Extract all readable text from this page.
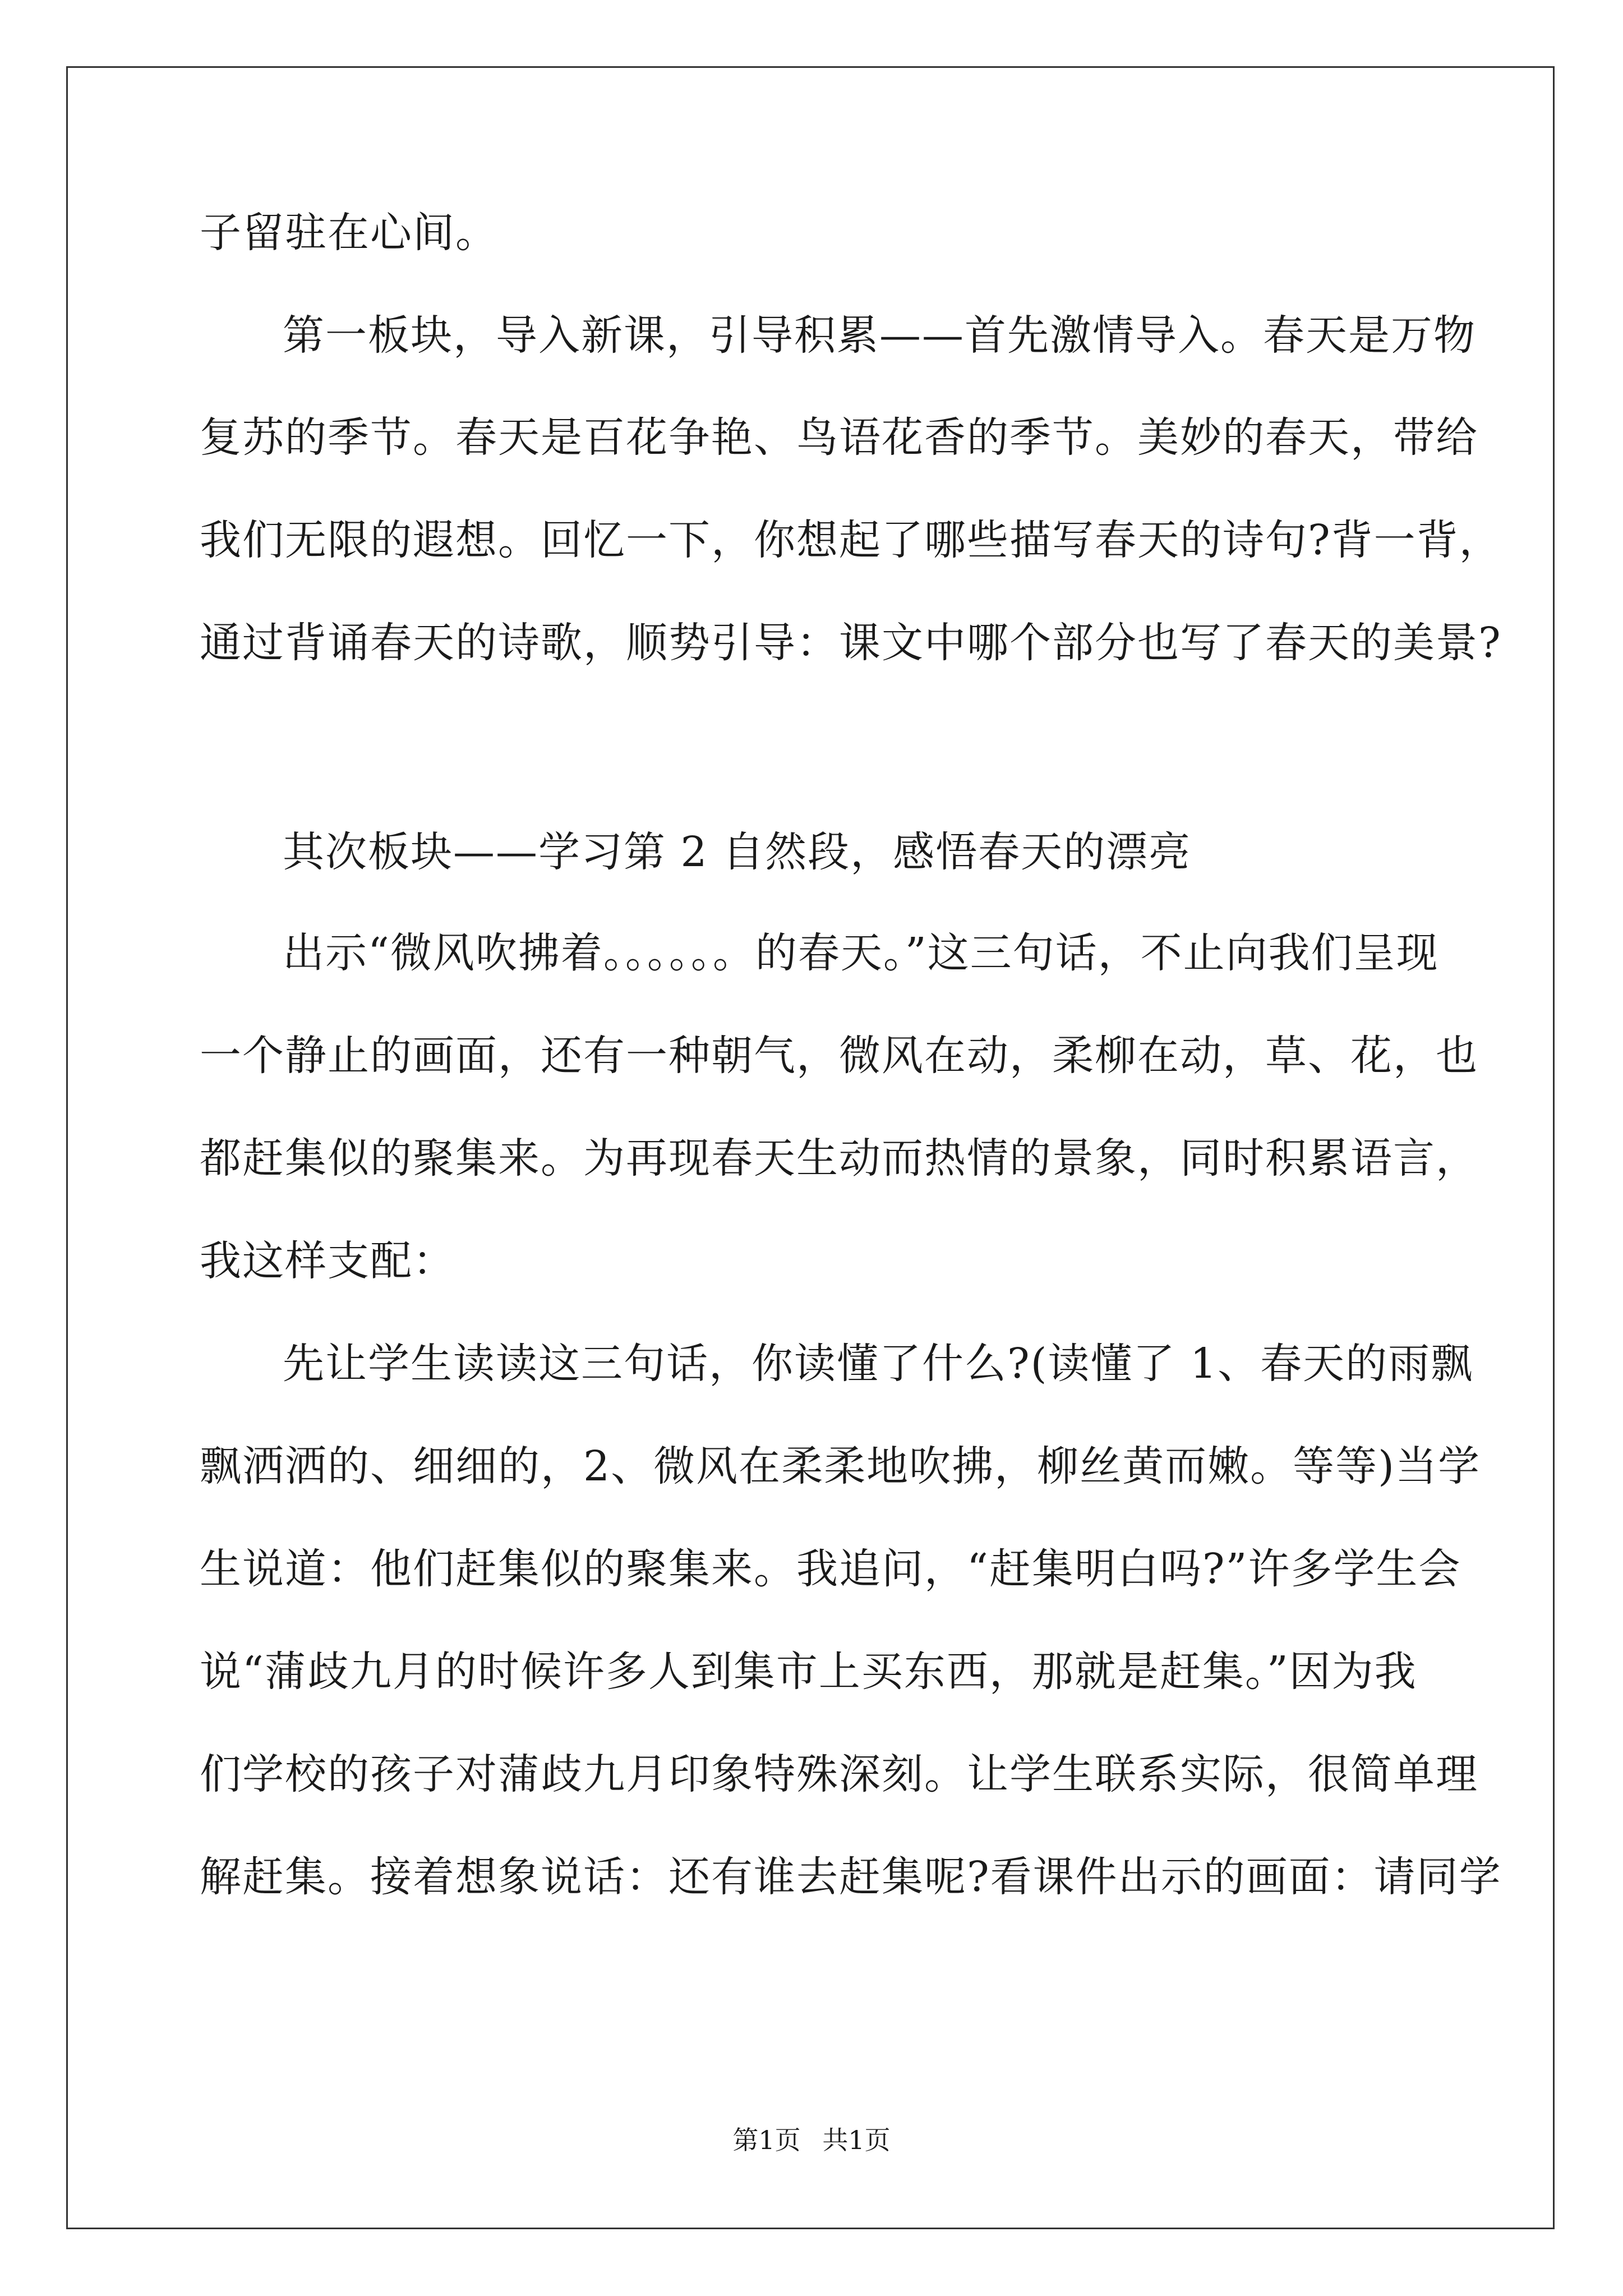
子留驻在心间。
第一板块，导入新课，引导积累——首先激情导入。春天是万物
复苏的季节。春天是百花争艳、鸟语花香的季节。美妙的春天，带给
我们无限的遐想。回忆一下，你想起了哪些描写春天的诗句?背一背，
通过背诵春天的诗歌，顺势引导：课文中哪个部分也写了春天的美景?
其次板块——学习第 2 自然段，感悟春天的漂亮
出示“微风吹拂着。。。。。。的春天。”这三句话，不止向我们呈现
一个静止的画面，还有一种朝气，微风在动，柔柳在动，草、花，也
都赶集似的聚集来。为再现春天生动而热情的景象，同时积累语言，
我这样支配：
先让学生读读这三句话，你读懂了什么?(读懂了 1、春天的雨飘
飘洒洒的、细细的，2、微风在柔柔地吹拂，柳丝黄而嫩。等等)当学
生说道：他们赶集似的聚集来。我追问，“赶集明白吗?”许多学生会
说“蒲歧九月的时候许多人到集市上买东西，那就是赶集。”因为我
们学校的孩子对蒲歧九月印象特殊深刻。让学生联系实际，很简单理
解赶集。接着想象说话：还有谁去赶集呢?看课件出示的画面：请同学
第1页 共1页
